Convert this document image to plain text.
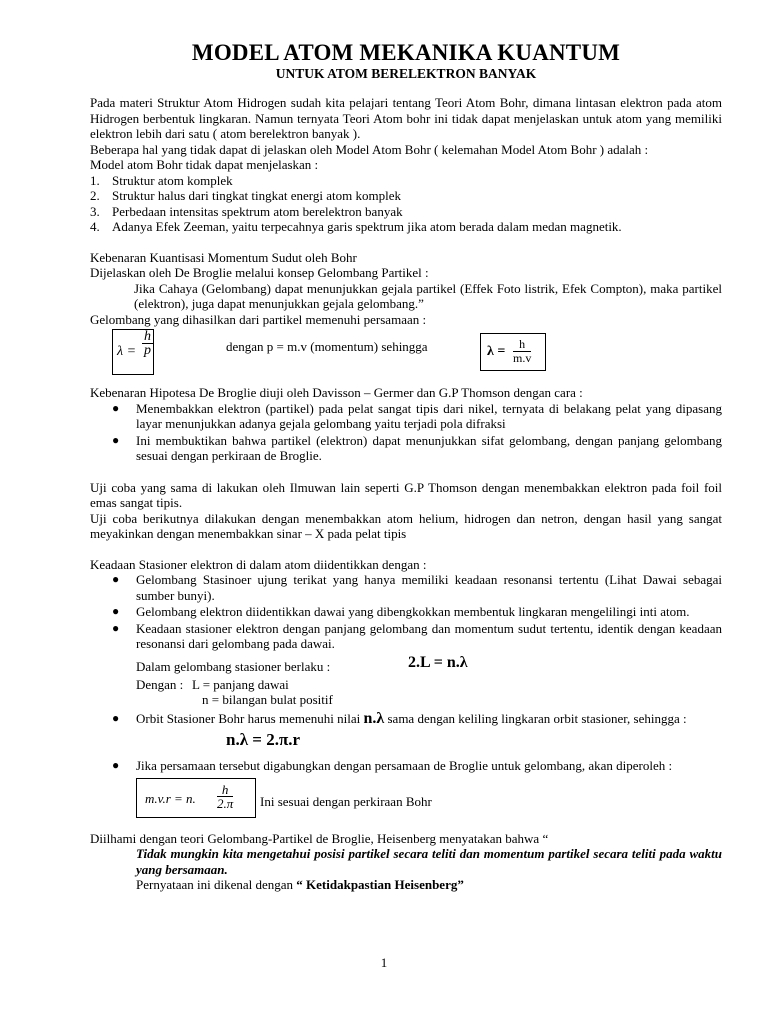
MODEL ATOM MEKANIKA KUANTUM
UNTUK ATOM BERELEKTRON BANYAK

Pada materi Struktur Atom Hidrogen sudah kita pelajari tentang Teori Atom Bohr, dimana lintasan elektron pada atom Hidrogen berbentuk lingkaran. Namun ternyata Teori Atom bohr ini tidak dapat menjelaskan untuk atom yang memiliki elektron lebih dari satu ( atom berelektron banyak ).

Beberapa hal yang tidak dapat di jelaskan oleh Model Atom Bohr ( kelemahan Model Atom Bohr ) adalah :

Model atom Bohr tidak dapat menjelaskan :

1. Struktur atom komplek
2. Struktur halus dari tingkat tingkat energi atom komplek
3. Perbedaan intensitas spektrum atom berelektron banyak
4. Adanya Efek Zeeman, yaitu terpecahnya garis spektrum jika atom berada dalam medan magnetik.

Kebenaran Kuantisasi Momentum Sudut oleh Bohr

Dijelaskan oleh De Broglie melalui konsep Gelombang Partikel :

Jika Cahaya (Gelombang) dapat menunjukkan gejala partikel (Effek Foto listrik, Efek Compton), maka partikel (elektron), juga dapat menunjukkan gejala gelombang.”

Gelombang yang dihasilkan dari partikel memenuhi persamaan :

$\lambda = \frac{h}{p}$	dengan p = m.v (momentum) sehingga	$\lambda = \frac{h}{m.v}$

Kebenaran Hipotesa De Broglie diuji oleh Davisson – Germer dan G.P Thomson dengan cara :

● Menembakkan elektron (partikel) pada pelat sangat tipis dari nikel, ternyata di belakang pelat yang dipasang layar menunjukkan adanya gejala gelombang yaitu terjadi pola difraksi
● Ini membuktikan bahwa partikel (elektron) dapat menunjukkan sifat gelombang, dengan panjang gelombang sesuai dengan perkiraan de Broglie.

Uji coba yang sama di lakukan oleh Ilmuwan lain seperti G.P Thomson dengan menembakkan elektron pada foil foil emas sangat tipis.

Uji coba berikutnya dilakukan dengan menembakkan atom helium, hidrogen dan netron, dengan hasil yang sangat meyakinkan dengan menembakkan sinar – X pada pelat tipis

Keadaan Stasioner elektron di dalam atom diidentikkan dengan :

● Gelombang Stasinoer ujung terikat yang hanya memiliki keadaan resonansi tertentu (Lihat Dawai sebagai sumber bunyi).
● Gelombang elektron diidentikkan dawai yang dibengkokkan membentuk lingkaran mengelilingi inti atom.
● Keadaan stasioner elektron dengan panjang gelombang dan momentum sudut tertentu, identik dengan keadaan resonansi dari gelombang pada dawai.
Dalam gelombang stasioner berlaku :	2.L = n.λ
Dengan : L = panjang dawai
n = bilangan bulat positif
● Orbit Stasioner Bohr harus memenuhi nilai n.λ sama dengan keliling lingkaran orbit stasioner, sehingga :
n.λ = 2.π.r
● Jika persamaan tersebut digabungkan dengan persamaan de Broglie untuk gelombang, akan diperoleh :
m.v.r = n. $\frac{h}{2.\pi}$ Ini sesuai dengan perkiraan Bohr

Diilhami dengan teori Gelombang-Partikel de Broglie, Heisenberg menyatakan bahwa “

Tidak mungkin kita mengetahui posisi partikel secara teliti dan momentum partikel secara teliti pada waktu yang bersamaan.

Pernyataan ini dikenal dengan “ Ketidakpastian Heisenberg”

1
